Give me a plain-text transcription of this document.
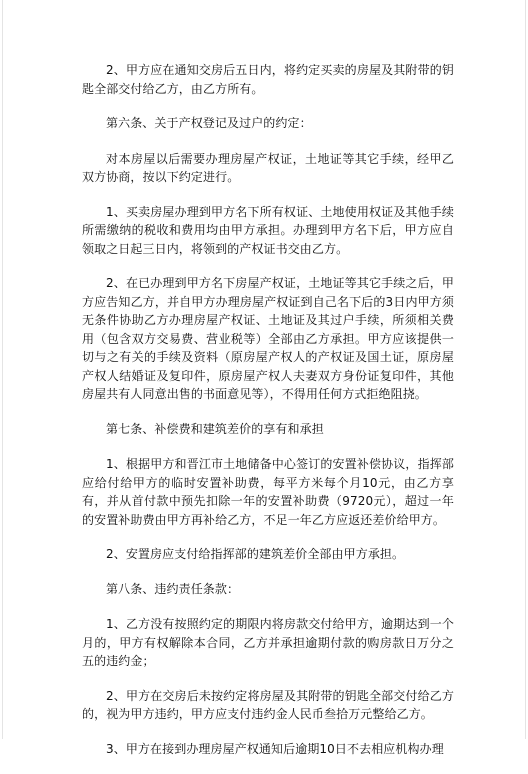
2、甲方应在通知交房后五日内，将约定买卖的房屋及其附带的钥匙全部交付给乙方，由乙方所有。

第六条、关于产权登记及过户的约定：

对本房屋以后需要办理房屋产权证，土地证等其它手续，经甲乙双方协商，按以下约定进行。

1、买卖房屋办理到甲方名下所有权证、土地使用权证及其他手续所需缴纳的税收和费用均由甲方承担。办理到甲方名下后，甲方应自领取之日起三日内，将领到的产权证书交由乙方。

2、在已办理到甲方名下房屋产权证，土地证等其它手续之后，甲方应告知乙方，并自甲方办理房屋产权证到自己名下后的3日内甲方须无条件协助乙方办理房屋产权证、土地证及其过户手续，所须相关费用（包含双方交易费、营业税等）全部由乙方承担。甲方应该提供一切与之有关的手续及资料（原房屋产权人的产权证及国土证，原房屋产权人结婚证及复印件，原房屋产权人夫妻双方身份证复印件，其他房屋共有人同意出售的书面意见等），不得用任何方式拒绝阻挠。

第七条、补偿费和建筑差价的享有和承担

1、根据甲方和晋江市土地储备中心签订的安置补偿协议，指挥部应给付给甲方的临时安置补助费，每平方米每个月10元，由乙方享有，并从首付款中预先扣除一年的安置补助费（9720元），超过一年的安置补助费由甲方再补给乙方，不足一年乙方应返还差价给甲方。

2、安置房应支付给指挥部的建筑差价全部由甲方承担。

第八条、违约责任条款：

1、乙方没有按照约定的期限内将房款交付给甲方，逾期达到一个月的，甲方有权解除本合同，乙方并承担逾期付款的购房款日万分之五的违约金；

2、甲方在交房后未按约定将房屋及其附带的钥匙全部交付给乙方的，视为甲方违约，甲方应支付违约金人民币叁拾万元整给乙方。

3、甲方在接到办理房屋产权通知后逾期10日不去相应机构办理
